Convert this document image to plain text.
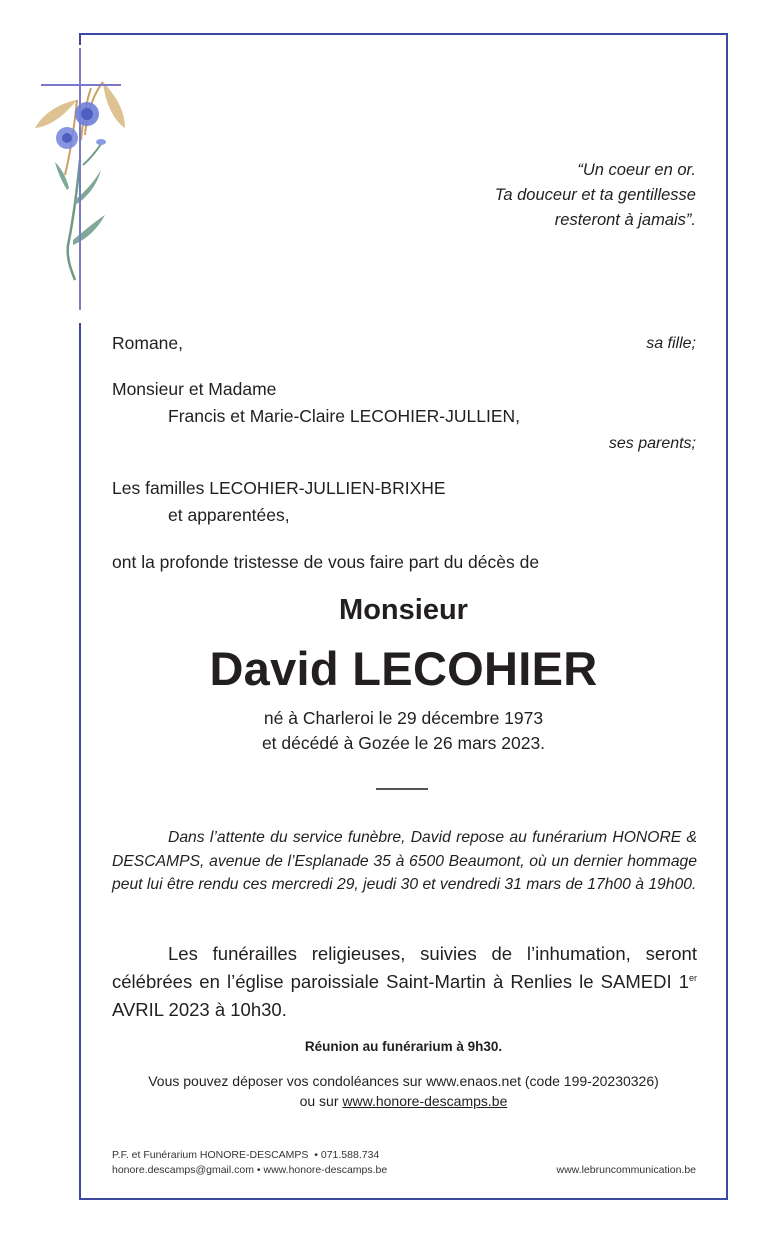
“Un coeur en or.
Ta douceur et ta gentillesse
resteront à jamais”.
Romane,	sa fille;
Monsieur et Madame
Francis et Marie-Claire LECOHIER-JULLIEN,
ses parents;
Les familles LECOHIER-JULLIEN-BRIXHE
et apparentées,
ont la profonde tristesse de vous faire part du décès de
Monsieur
David LECOHIER
né à Charleroi le 29 décembre 1973
et décédé à Gozée le 26 mars 2023.
Dans l’attente du service funèbre, David repose au funérarium HONORE & DESCAMPS, avenue de l’Esplanade 35 à 6500 Beaumont, où un dernier hommage peut lui être rendu ces mercredi 29, jeudi 30 et vendredi 31 mars de 17h00 à 19h00.
Les funérailles religieuses, suivies de l’inhumation, seront célébrées en l’église paroissiale Saint-Martin à Renlies le SAMEDI 1er AVRIL 2023 à 10h30.
Réunion au funérarium à 9h30.
Vous pouvez déposer vos condoléances sur www.enaos.net (code 199-20230326)
ou sur www.honore-descamps.be
P.F. et Funérarium HONORE-DESCAMPS  • 071.588.734
honore.descamps@gmail.com • www.honore-descamps.be	www.lebruncommunication.be
